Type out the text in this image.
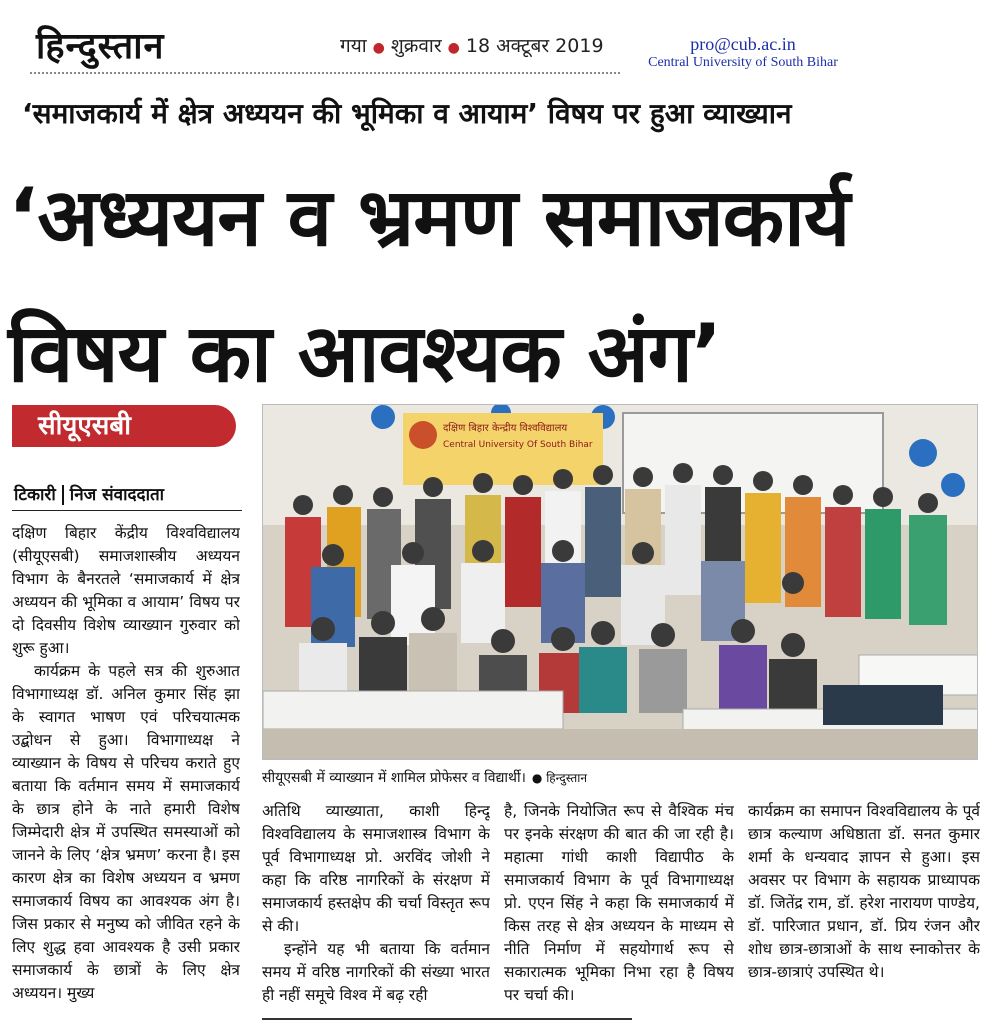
हिन्दुस्तान	गया ● शुक्रवार ● 18 अक्टूबर 2019	pro@cub.ac.in
Central University of South Bihar
‘समाजकार्य में क्षेत्र अध्ययन की भूमिका व आयाम’ विषय पर हुआ व्याख्यान
‘अध्ययन व भ्रमण समाजकार्य
विषय का आवश्यक अंग’
सीयूएसबी
टिकारी निज संवाददाता

दक्षिण बिहार केंद्रीय विश्वविद्यालय (सीयूएसबी) समाजशास्त्रीय अध्ययन विभाग के बैनरतले ‘समाजकार्य में क्षेत्र अध्ययन की भूमिका व आयाम’ विषय पर दो दिवसीय विशेष व्याख्यान गुरुवार को शुरू हुआ।

कार्यक्रम के पहले सत्र की शुरुआत विभागाध्यक्ष डॉ. अनिल कुमार सिंह झा के स्वागत भाषण एवं परिचयात्मक उद्बोधन से हुआ। विभागाध्यक्ष ने व्याख्यान के विषय से परिचय कराते हुए बताया कि वर्तमान समय में समाजकार्य के छात्र होने के नाते हमारी विशेष जिम्मेदारी क्षेत्र में उपस्थित समस्याओं को जानने के लिए ‘क्षेत्र भ्रमण’ करना है। इस कारण क्षेत्र का विशेष अध्ययन व भ्रमण समाजकार्य विषय का आवश्यक अंग है।जिस प्रकार से मनुष्य को जीवित रहने के लिए शुद्ध हवा आवश्यक है उसी प्रकार समाजकार्य के छात्रों के लिए क्षेत्र अध्ययन। मुख्य

दक्षिण बिहार केन्द्रीय विश्वविद्यालय
Central University Of South Bihar
सीयूएसबी में व्याख्यान में शामिल प्रोफेसर व विद्यार्थी। ● हिन्दुस्तान

अतिथि व्याख्याता, काशी हिन्दू विश्वविद्यालय के समाजशास्त्र विभाग के पूर्व विभागाध्यक्ष प्रो. अरविंद जोशी ने कहा कि वरिष्ठ नागरिकों के संरक्षण में समाजकार्य हस्तक्षेप की चर्चा विस्तृत रूप से की।

इन्होंने यह भी बताया कि वर्तमान समय में वरिष्ठ नागरिकों की संख्या भारत ही नहीं समूचे विश्व में बढ़ रही

है, जिनके नियोजित रूप से वैश्विक मंच पर इनके संरक्षण की बात की जा रही है। महात्मा गांधी काशी विद्यापीठ के समाजकार्य विभाग के पूर्व विभागाध्यक्ष प्रो. एएन सिंह ने कहा कि समाजकार्य में किस तरह से क्षेत्र अध्ययन के माध्यम से नीति निर्माण में सहयोगार्थ रूप से सकारात्मक भूमिका निभा रहा है विषय पर चर्चा की।

कार्यक्रम का समापन विश्वविद्यालय के पूर्व छात्र कल्याण अधिष्ठाता डॉ. सनत कुमार शर्मा के धन्यवाद ज्ञापन से हुआ। इस अवसर पर विभाग के सहायक प्राध्यापक डॉ. जितेंद्र राम, डॉ. हरेश नारायण पाण्डेय, डॉ. पारिजात प्रधान, डॉ. प्रिय रंजन और शोध छात्र-छात्राओं के साथ स्नाकोत्तर के छात्र-छात्राएं उपस्थित थे।
